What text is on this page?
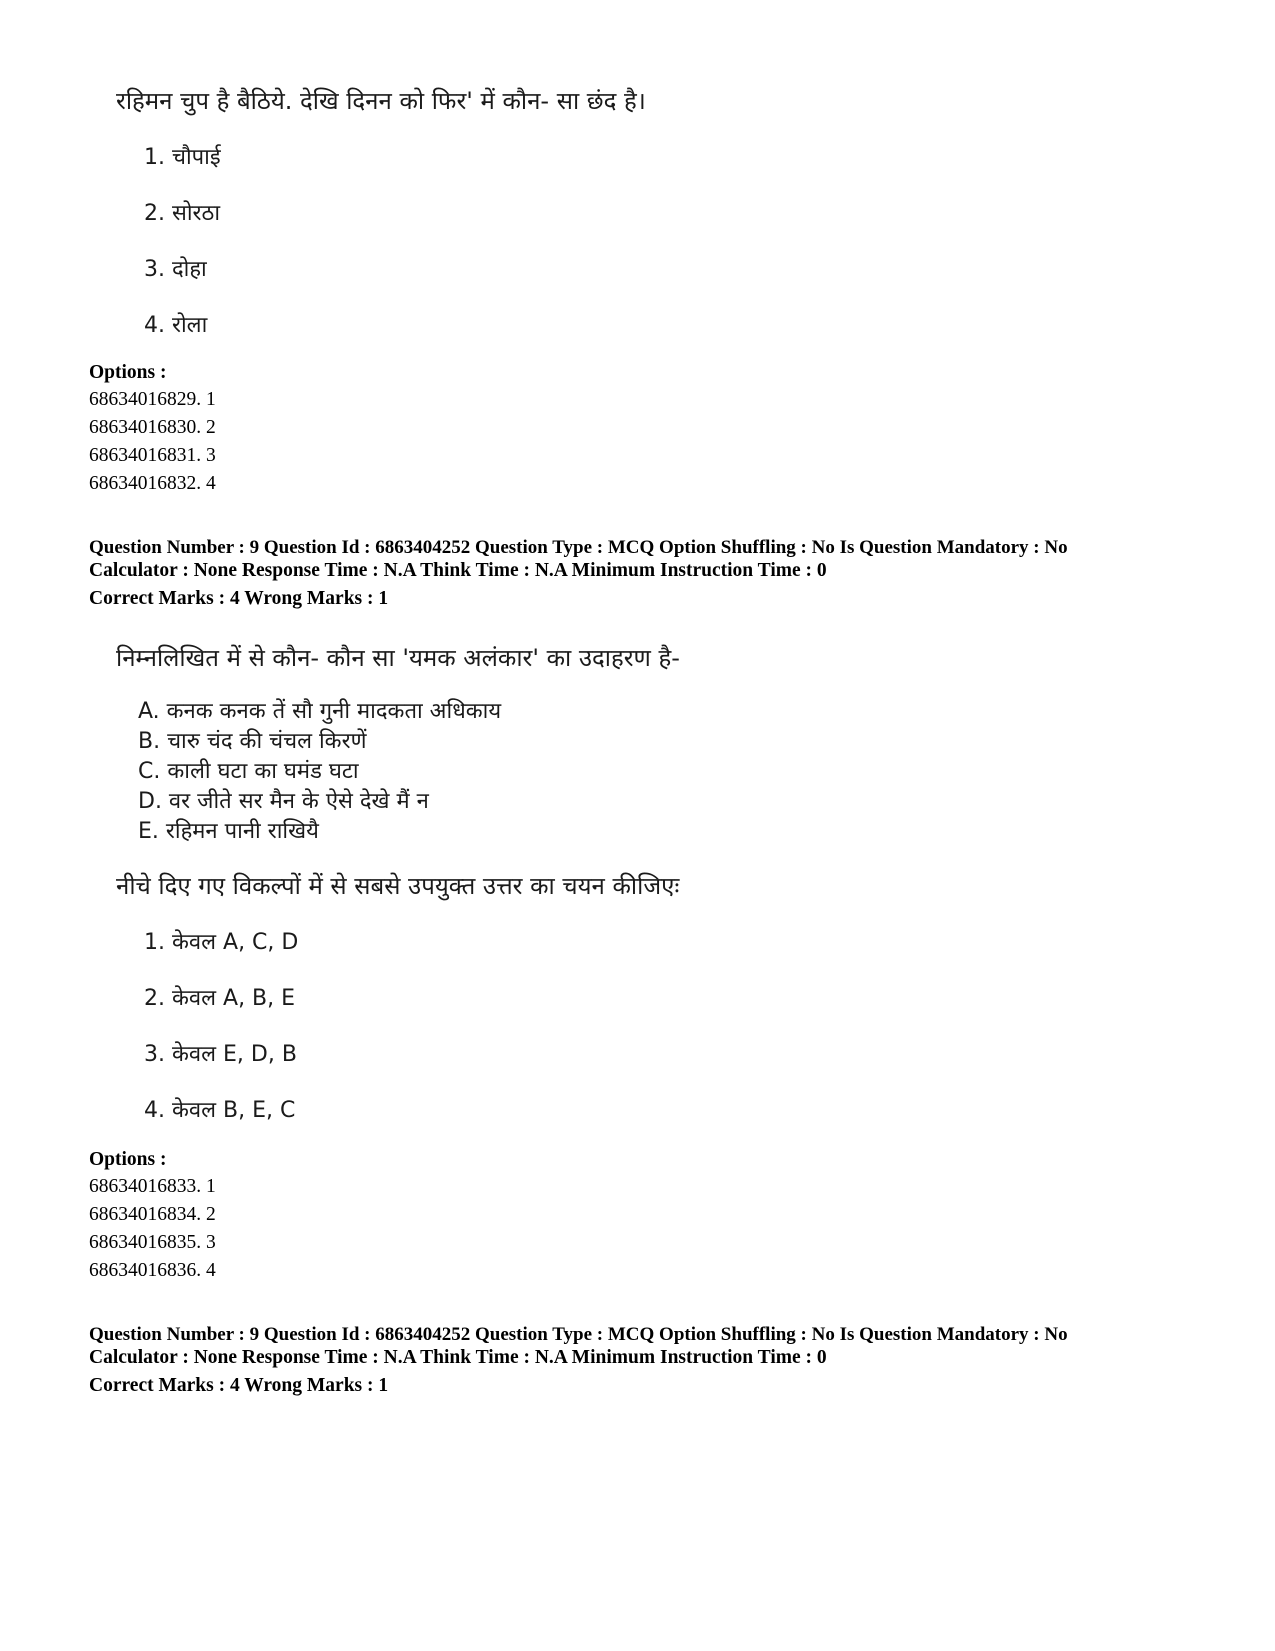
रहिमन चुप है बैठिये. देखि दिनन को फिर' में कौन- सा छंद है।
1. चौपाई
2. सोरठा
3. दोहा
4. रोला
Options :
68634016829. 1
68634016830. 2
68634016831. 3
68634016832. 4
Question Number : 9 Question Id : 6863404252 Question Type : MCQ Option Shuffling : No Is Question Mandatory : No
Calculator : None Response Time : N.A Think Time : N.A Minimum Instruction Time : 0
Correct Marks : 4 Wrong Marks : 1
निम्नलिखित में से कौन- कौन सा 'यमक अलंकार' का उदाहरण है-
A. कनक कनक तें सौ गुनी मादकता अधिकाय
B. चारु चंद की चंचल किरणें
C. काली घटा का घमंड घटा
D. वर जीते सर मैन के ऐसे देखे मैं न
E. रहिमन पानी राखियै
नीचे दिए गए विकल्पों में से सबसे उपयुक्त उत्तर का चयन कीजिएः
1. केवल A, C, D
2. केवल A, B, E
3. केवल E, D, B
4. केवल B, E, C
Options :
68634016833. 1
68634016834. 2
68634016835. 3
68634016836. 4
Question Number : 9 Question Id : 6863404252 Question Type : MCQ Option Shuffling : No Is Question Mandatory : No
Calculator : None Response Time : N.A Think Time : N.A Minimum Instruction Time : 0
Correct Marks : 4 Wrong Marks : 1
